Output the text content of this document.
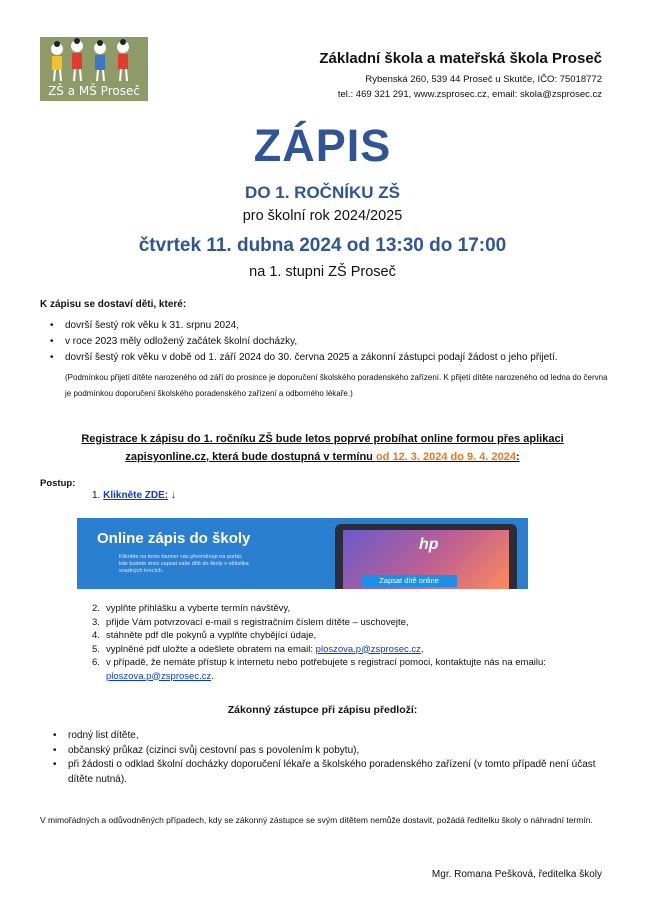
ZŠ a MŠ Proseč
Základní škola a mateřská škola Proseč
Rybenská 260, 539 44 Proseč u Skutče, IČO: 75018772
tel.: 469 321 291, www.zsprosec.cz, email: skola@zsprosec.cz
ZÁPIS
DO 1. ROČNÍKU ZŠ
pro školní rok 2024/2025
čtvrtek 11. dubna 2024 od 13:30 do 17:00
na 1. stupni ZŠ Proseč
K zápisu se dostaví děti, které:
• dovrší šestý rok věku k 31. srpnu 2024,
• v roce 2023 měly odložený začátek školní docházky,
• dovrší šestý rok věku v době od 1. září 2024 do 30. června 2025 a zákonní zástupci podají žádost o jeho přijetí.
(Podmínkou přijetí dítěte narozeného od září do prosince je doporučení školského poradenského zařízení. K přijetí dítěte narozeného od ledna do června je podmínkou doporučení školského poradenského zařízení a odborného lékaře.)
Registrace k zápisu do 1. ročníku ZŠ bude letos poprvé probíhat online formou přes aplikaci
zapisyonline.cz, která bude dostupná v termínu od 12. 3. 2024 do 9. 4. 2024:
Postup:
1. Klikněte ZDE: ↓
Online zápis do školy
Klikněte na tento banner vás přesměruje na portál, kde budete moci zapsat vaše dítě do školy v několika snadných krocích.
hp
Zapsat dítě online
2. vyplňte přihlášku a vyberte termín návštěvy,
3. přijde Vám potvrzovací e-mail s registračním číslem dítěte – uschovejte,
4. stáhněte pdf dle pokynů a vyplňte chybějící údaje,
5. vyplněné pdf uložte a odešlete obratem na email: ploszova.p@zsprosec.cz,
6. v případě, že nemáte přístup k internetu nebo potřebujete s registrací pomoci, kontaktujte nás na emailu: ploszova.p@zsprosec.cz.
Zákonný zástupce při zápisu předloží:
• rodný list dítěte,
• občanský průkaz (cizinci svůj cestovní pas s povolením k pobytu),
• při žádosti o odklad školní docházky doporučení lékaře a školského poradenského zařízení (v tomto případě není účast dítěte nutná).
V mimořádných a odůvodněných případech, kdy se zákonný zástupce se svým dítětem nemůže dostavit, požádá ředitelku školy o náhradní termín.
Mgr. Romana Pešková, ředitelka školy
